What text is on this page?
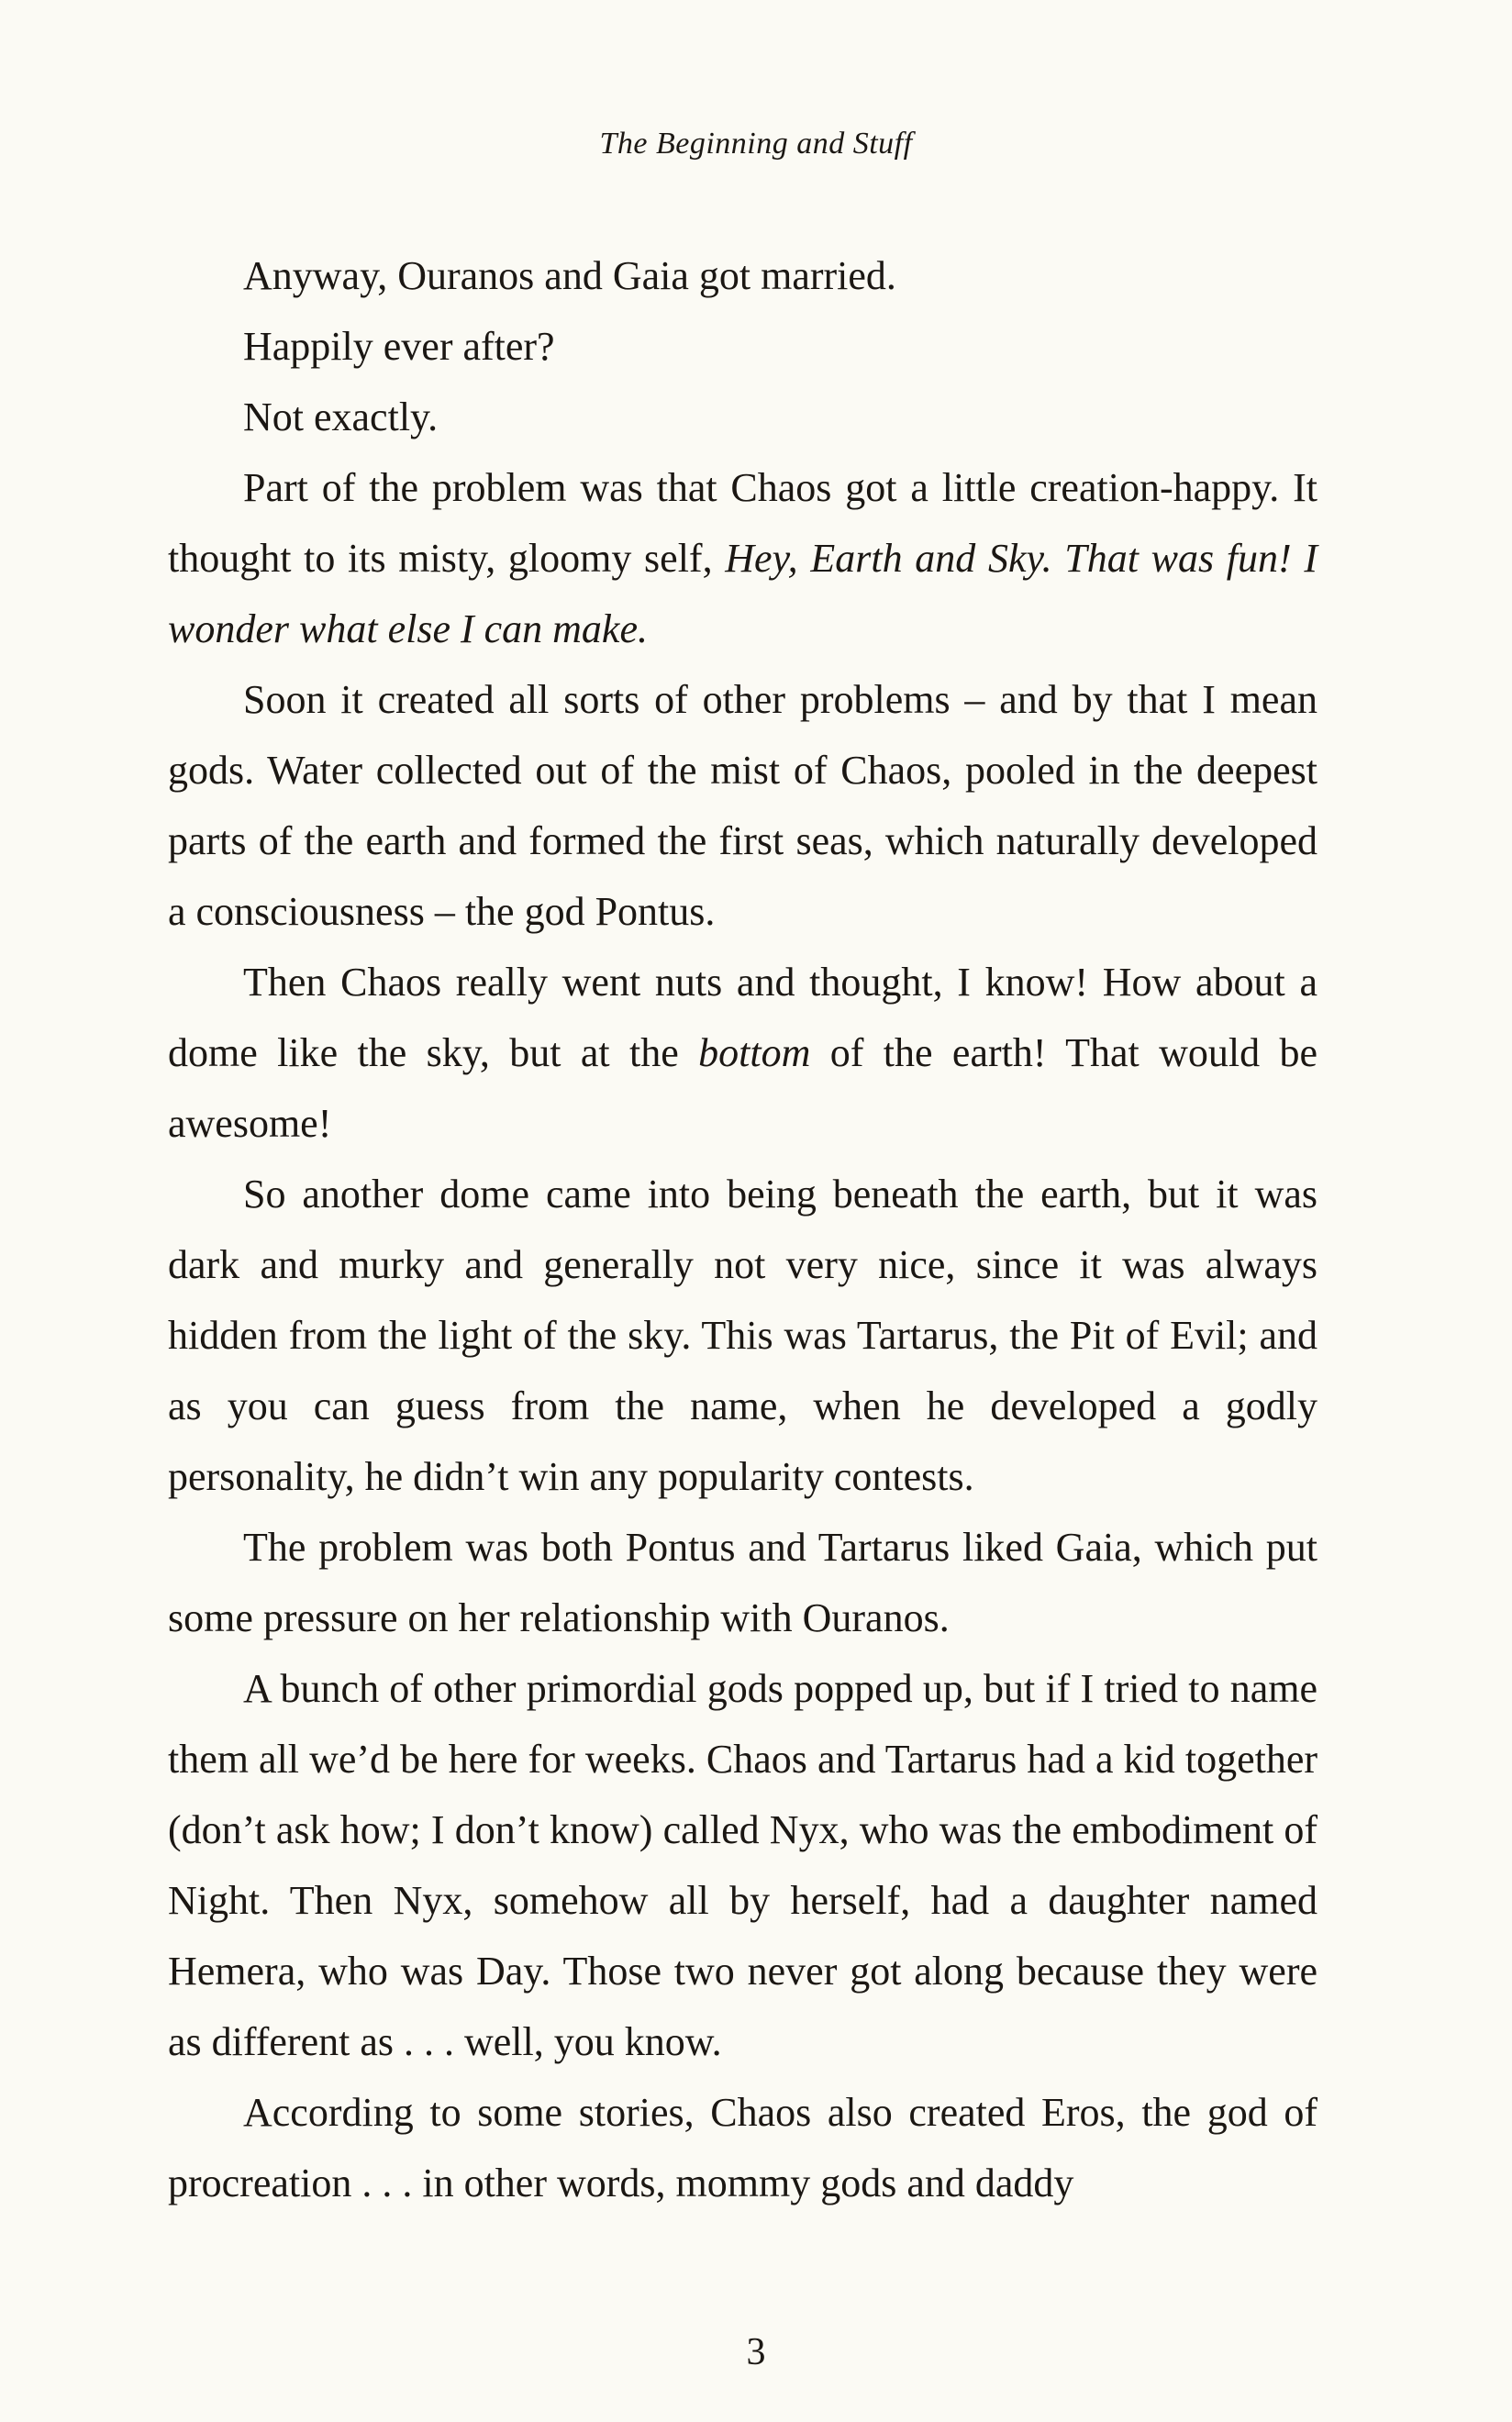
The Beginning and Stuff

Anyway, Ouranos and Gaia got married.

Happily ever after?

Not exactly.

Part of the problem was that Chaos got a little creation-happy. It thought to its misty, gloomy self, Hey, Earth and Sky. That was fun! I wonder what else I can make.

Soon it created all sorts of other problems – and by that I mean gods. Water collected out of the mist of Chaos, pooled in the deepest parts of the earth and formed the first seas, which naturally developed a consciousness – the god Pontus.

Then Chaos really went nuts and thought, I know! How about a dome like the sky, but at the bottom of the earth! That would be awesome!

So another dome came into being beneath the earth, but it was dark and murky and generally not very nice, since it was always hidden from the light of the sky. This was Tartarus, the Pit of Evil; and as you can guess from the name, when he developed a godly personality, he didn’t win any popularity contests.

The problem was both Pontus and Tartarus liked Gaia, which put some pressure on her relationship with Ouranos.

A bunch of other primordial gods popped up, but if I tried to name them all we’d be here for weeks. Chaos and Tartarus had a kid together (don’t ask how; I don’t know) called Nyx, who was the embodiment of Night. Then Nyx, somehow all by herself, had a daughter named Hemera, who was Day. Those two never got along because they were as different as . . . well, you know.

According to some stories, Chaos also created Eros, the god of procreation . . . in other words, mommy gods and daddy

3
